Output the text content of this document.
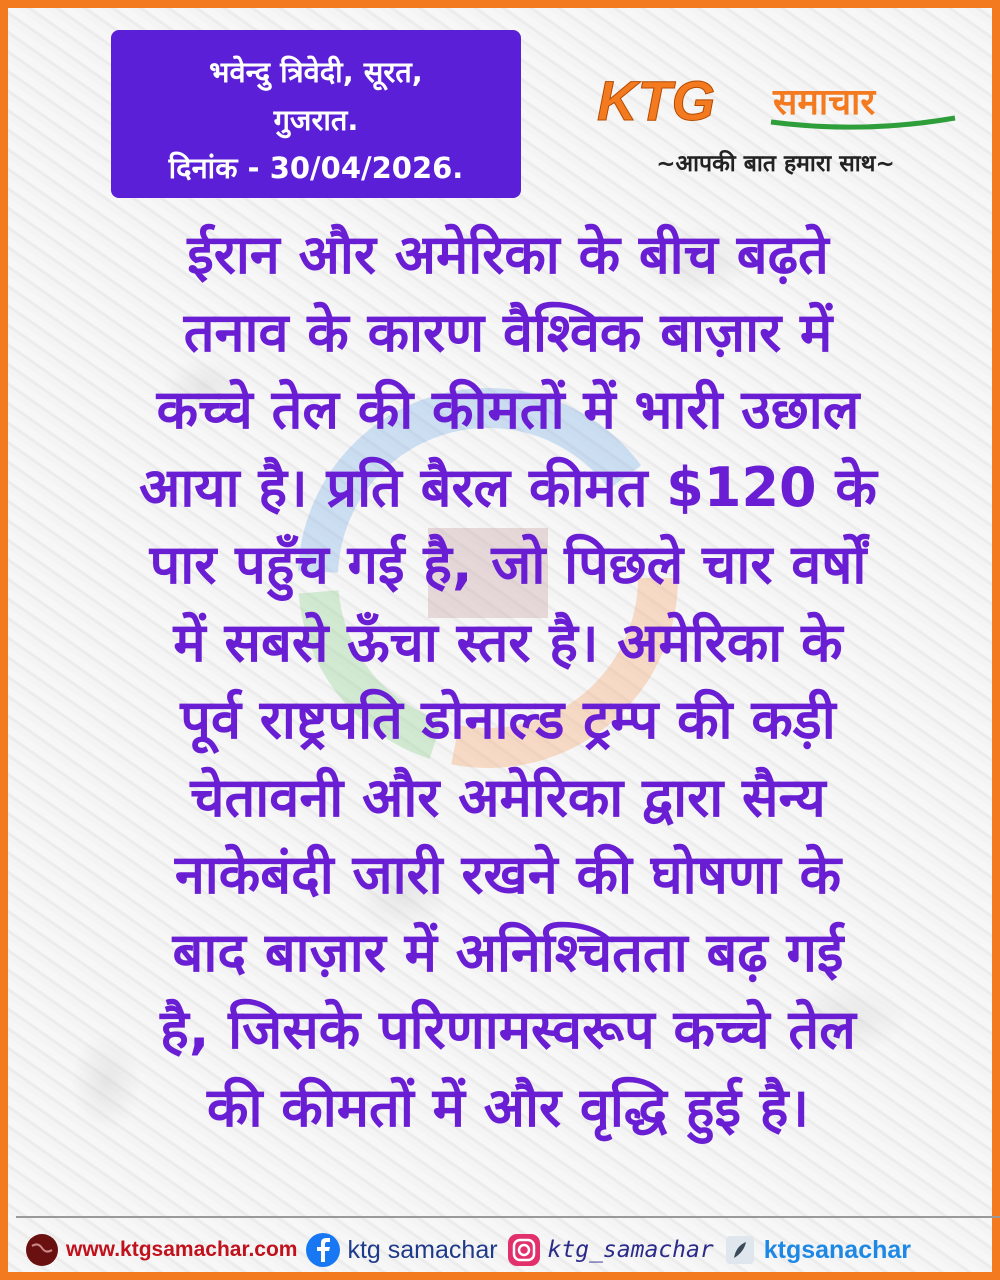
भवेन्दु त्रिवेदी, सूरत,
गुजरात.
दिनांक - 30/04/2026.
KTG समाचार
~आपकी बात हमारा साथ~
ईरान और अमेरिका के बीच बढ़ते
तनाव के कारण वैश्विक बाज़ार में
कच्चे तेल की कीमतों में भारी उछाल
आया है। प्रति बैरल कीमत $120 के
पार पहुँच गई है, जो पिछले चार वर्षों
में सबसे ऊँचा स्तर है। अमेरिका के
पूर्व राष्ट्रपति डोनाल्ड ट्रम्प की कड़ी
चेतावनी और अमेरिका द्वारा सैन्य
नाकेबंदी जारी रखने की घोषणा के
बाद बाज़ार में अनिश्चितता बढ़ गई
है, जिसके परिणामस्वरूप कच्चे तेल
की कीमतों में और वृद्धि हुई है।
www.ktgsamachar.com ktg samachar ktg_samachar ktgsanachar
